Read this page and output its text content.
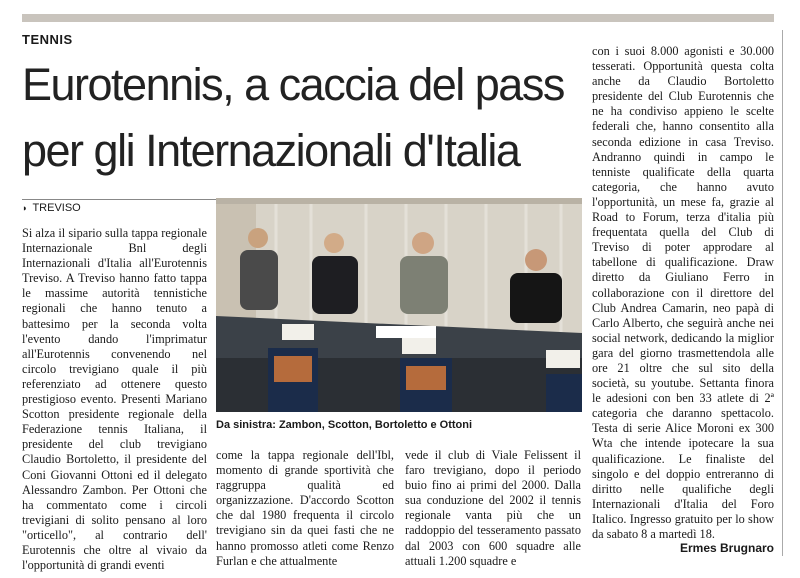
TENNIS
Eurotennis, a caccia del pass
per gli Internazionali d'Italia
◗ TREVISO

Si alza il sipario sulla tappa regionale Internazionale Bnl degli Internazionali d'Italia all'Eurotennis Treviso. A Treviso hanno fatto tappa le massime autorità tennistiche regionali che hanno tenuto a battesimo per la seconda volta l'evento dando l'imprimatur all'Eurotennis convenendo nel circolo trevigiano quale il più referenziato ad ottenere questo prestigioso evento. Presenti Mariano Scotton presidente regionale della Federazione tennis Italiana, il presidente del club trevigiano Claudio Bortoletto, il presidente del Coni Giovanni Ottoni ed il delegato Alessandro Zambon. Per Ottoni che ha commentato come i circoli trevigiani di solito pensano al loro "orticello", al contrario dell' Eurotennis che oltre al vivaio da l'opportunità di grandi eventi

Da sinistra: Zambon, Scotton, Bortoletto e Ottoni

come la tappa regionale dell'Ibl, momento di grande sportività che raggruppa qualità ed organizzazione. D'accordo Scotton che dal 1980 frequenta il circolo trevigiano sin da quei fasti che ne hanno promosso atleti come Renzo Furlan e che attualmente

vede il club di Viale Felissent il faro trevigiano, dopo il periodo buio fino ai primi del 2000. Dalla sua conduzione del 2002 il tennis regionale vanta più che un raddoppio del tesseramento passato dal 2003 con 600 squadre alle attuali 1.200 squadre e

con i suoi 8.000 agonisti e 30.000 tesserati. Opportunità questa colta anche da Claudio Bortoletto presidente del Club Eurotennis che ne ha condiviso appieno le scelte federali che, hanno consentito alla seconda edizione in casa Treviso. Andranno quindi in campo le tenniste qualificate della quarta categoria, che hanno avuto l'opportunità, un mese fa, grazie al Road to Forum, terza d'italia più frequentata quella del Club di Treviso di poter approdare al tabellone di qualificazione. Draw diretto da Giuliano Ferro in collaborazione con il direttore del Club Andrea Camarin, neo papà di Carlo Alberto, che seguirà anche nei social network, dedicando la miglior gara del giorno trasmettendola alle ore 21 oltre che sul sito della società, su youtube. Settanta finora le adesioni con ben 33 atlete di 2ª categoria che daranno spettacolo. Testa di serie Alice Moroni ex 300 Wta che intende ipotecare la sua qualificazione. Le finaliste del singolo e del doppio entreranno di diritto nelle qualifiche degli Internazionali d'Italia del Foro Italico. Ingresso gratuito per lo show da sabato 8 a martedì 18.

Ermes Brugnaro
